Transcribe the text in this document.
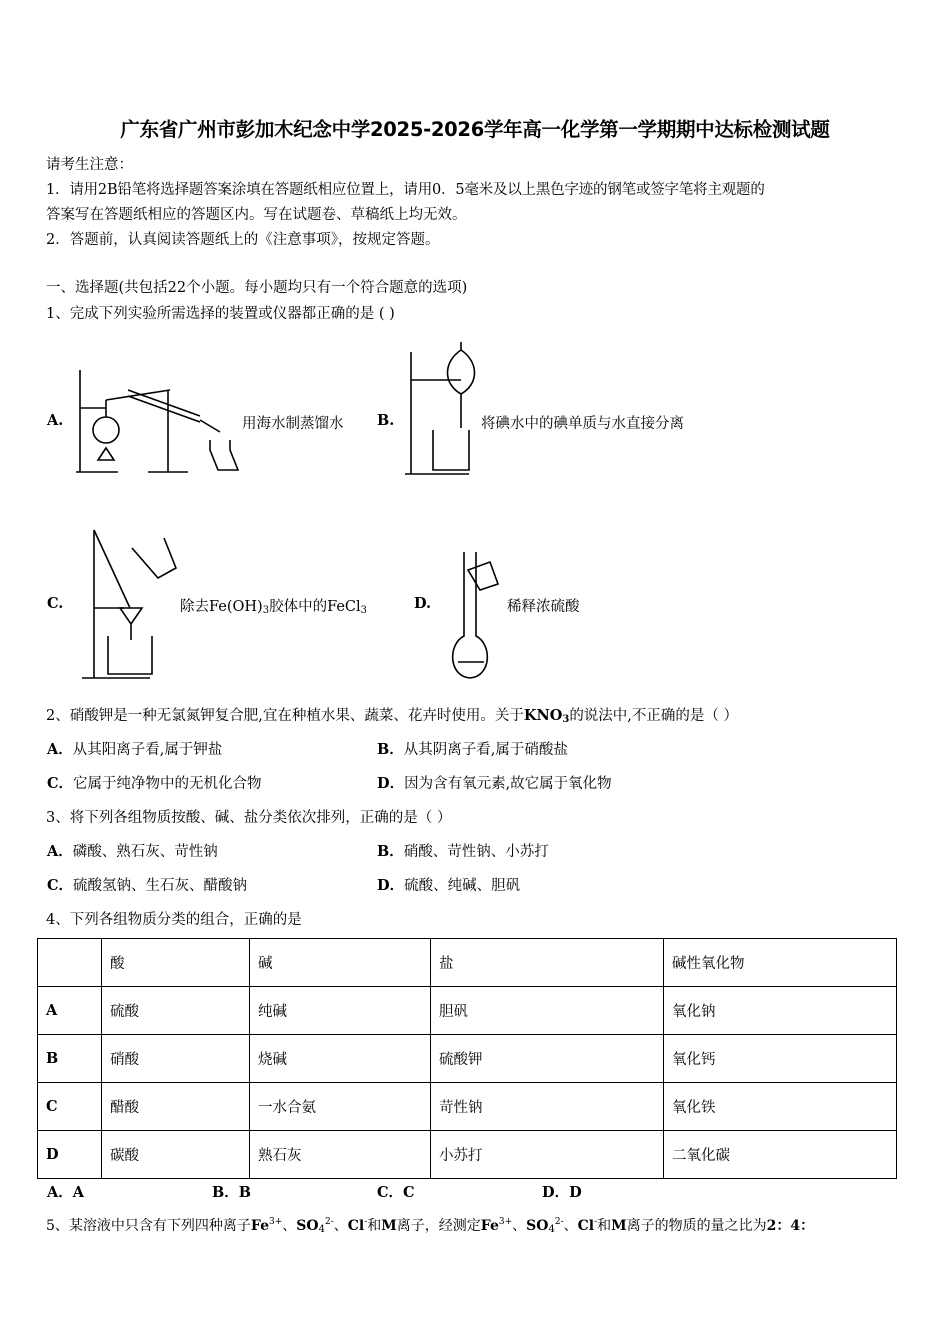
广东省广州市彭加木纪念中学2025-2026学年高一化学第一学期期中达标检测试题
请考生注意：
1．请用2B铅笔将选择题答案涂填在答题纸相应位置上，请用0．5毫米及以上黑色字迹的钢笔或签字笔将主观题的
答案写在答题纸相应的答题区内。写在试题卷、草稿纸上均无效。
2．答题前，认真阅读答题纸上的《注意事项》，按规定答题。
一、选择题(共包括22个小题。每小题均只有一个符合题意的选项)
1、完成下列实验所需选择的装置或仪器都正确的是 ( )
A.	用海水制蒸馏水 B.	将碘水中的碘单质与水直接分离
C.	除去$Fe(OH)_3$胶体中的FeCl$_3$	D.	稀释浓硫酸
2、硝酸钾是一种无氯氮钾复合肥,宜在种植水果、蔬菜、花卉时使用。关于$KNO_3$的说法中,不正确的是（ ）
A．从其阳离子看,属于钾盐	B．从其阴离子看,属于硝酸盐
C．它属于纯净物中的无机化合物	D．因为含有氧元素,故它属于氧化物
3、将下列各组物质按酸、碱、盐分类依次排列，正确的是（ ）
A．磷酸、熟石灰、苛性钠	B．硝酸、苛性钠、小苏打
C．硫酸氢钠、生石灰、醋酸钠	D．硫酸、纯碱、胆矾
4、下列各组物质分类的组合，正确的是
	酸	碱	盐	碱性氧化物
A	硫酸	纯碱	胆矾	氧化钠
B	硝酸	烧碱	硫酸钾	氧化钙
C	醋酸	一水合氨	苛性钠	氧化铁
D	碳酸	熟石灰	小苏打	二氧化碳
A．A	B．B	C．C	D．D
5、某溶液中只含有下列四种离子$Fe^{3+}$、$SO_4^{2-}$、Cl-和M离子，经测定$Fe^{3+}$、$SO_4^{2-}$、Cl-和M离子的物质的量之比为2：4：
